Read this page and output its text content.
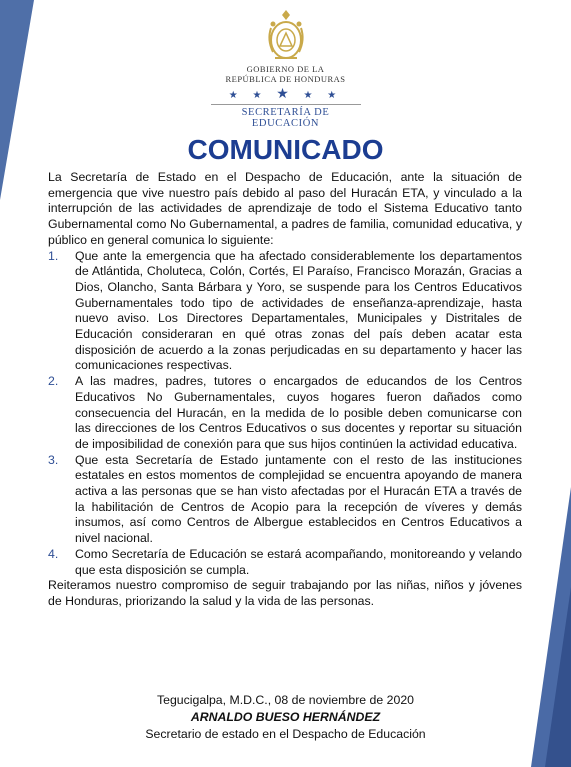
GOBIERNO DE LA
REPÚBLICA DE HONDURAS
★ ★ ★ ★ ★
SECRETARÍA DE EDUCACIÓN
COMUNICADO

La Secretaría de Estado en el Despacho de Educación, ante la situación de emergencia que vive nuestro país debido al paso del Huracán ETA, y vinculado a la interrupción de las actividades de aprendizaje de todo el Sistema Educativo tanto Gubernamental como No Gubernamental, a padres de familia, comunidad educativa, y público en general comunica lo siguiente:

1. Que ante la emergencia que ha afectado considerablemente los departamentos de Atlántida, Choluteca, Colón, Cortés, El Paraíso, Francisco Morazán, Gracias a Dios, Olancho, Santa Bárbara y Yoro, se suspende para los Centros Educativos Gubernamentales todo tipo de actividades de enseñanza-aprendizaje, hasta nuevo aviso. Los Directores Departamentales, Municipales y Distritales de Educación consideraran en qué otras zonas del país deben acatar esta disposición de acuerdo a la zonas perjudicadas en su departamento y hacer las comunicaciones respectivas.
2. A las madres, padres, tutores o encargados de educandos de los Centros Educativos No Gubernamentales, cuyos hogares fueron dañados como consecuencia del Huracán, en la medida de lo posible deben comunicarse con las direcciones de los Centros Educativos o sus docentes y reportar su situación de imposibilidad de conexión para que sus hijos continúen la actividad educativa.
3. Que esta Secretaría de Estado juntamente con el resto de las instituciones estatales en estos momentos de complejidad se encuentra apoyando de manera activa a las personas que se han visto afectadas por el Huracán ETA a través de la habilitación de Centros de Acopio para la recepción de víveres y demás insumos, así como Centros de Albergue establecidos en Centros Educativos a nivel nacional.
4. Como Secretaría de Educación se estará acompañando, monitoreando y velando que esta disposición se cumpla.

Reiteramos nuestro compromiso de seguir trabajando por las niñas, niños y jóvenes de Honduras, priorizando la salud y la vida de las personas.

Tegucigalpa, M.D.C., 08 de noviembre de 2020
ARNALDO BUESO HERNÁNDEZ
Secretario de estado en el Despacho de Educación
